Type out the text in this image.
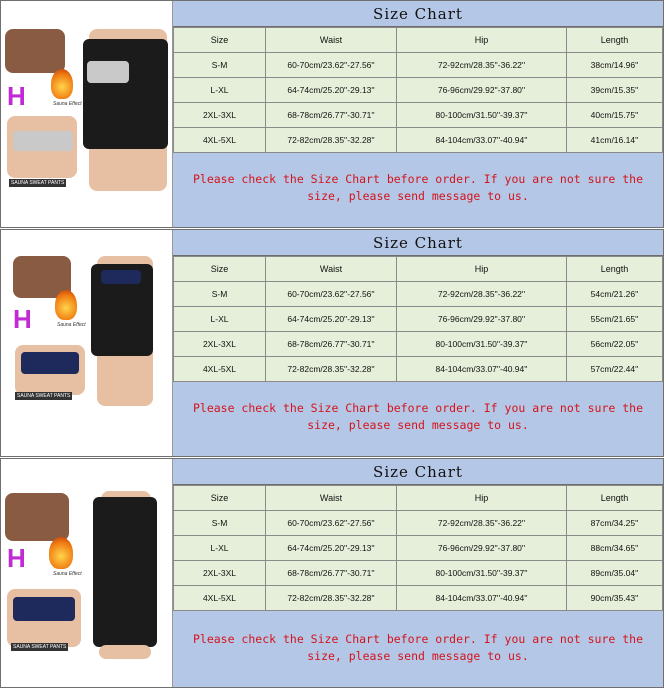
H	Sauna Effect
SAUNA SWEAT PANTS
Size Chart
Size	Waist	Hip	Length
S-M	60-70cm/23.62''-27.56''	72-92cm/28.35''-36.22''	38cm/14.96''
L-XL	64-74cm/25.20''-29.13''	76-96cm/29.92''-37.80''	39cm/15.35''
2XL-3XL	68-78cm/26.77''-30.71''	80-100cm/31.50''-39.37''	40cm/15.75''
4XL-5XL	72-82cm/28.35''-32.28''	84-104cm/33.07''-40.94''	41cm/16.14''
Please check the Size Chart before order. If you are not sure the size, please send message to us.
H	Sauna Effect
SAUNA SWEAT PANTS
Size Chart
Size	Waist	Hip	Length
S-M	60-70cm/23.62''-27.56''	72-92cm/28.35''-36.22''	54cm/21.26''
L-XL	64-74cm/25.20''-29.13''	76-96cm/29.92''-37.80''	55cm/21.65''
2XL-3XL	68-78cm/26.77''-30.71''	80-100cm/31.50''-39.37''	56cm/22.05''
4XL-5XL	72-82cm/28.35''-32.28''	84-104cm/33.07''-40.94''	57cm/22.44''
Please check the Size Chart before order. If you are not sure the size, please send message to us.
H
Sauna Effect
SAUNA SWEAT PANTS
Size Chart
Size	Waist	Hip	Length
S-M	60-70cm/23.62''-27.56''	72-92cm/28.35''-36.22''	87cm/34.25''
L-XL	64-74cm/25.20''-29.13''	76-96cm/29.92''-37.80''	88cm/34.65''
2XL-3XL	68-78cm/26.77''-30.71''	80-100cm/31.50''-39.37''	89cm/35.04''
4XL-5XL	72-82cm/28.35''-32.28''	84-104cm/33.07''-40.94''	90cm/35.43''
Please check the Size Chart before order. If you are not sure the size, please send message to us.
